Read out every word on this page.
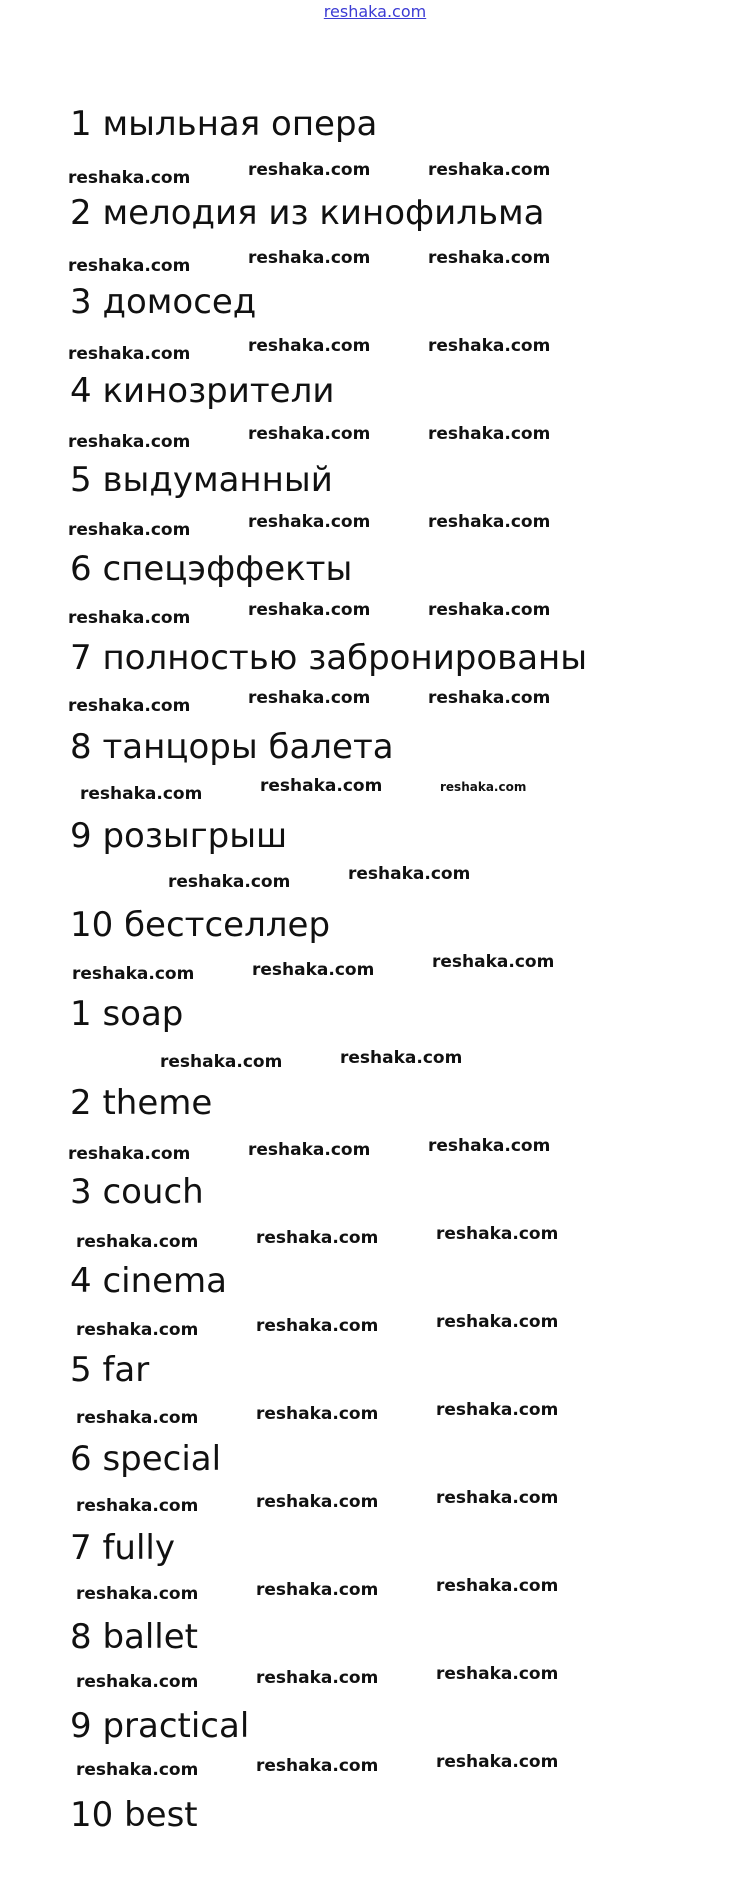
reshaka.com
1 мыльная опера
2 мелодия из кинофильма
3 домосед
4 кинозрители
5 выдуманный
6 спецэффекты
7 полностью забронированы
8 танцоры балета
9 розыгрыш
10 бестселлер
1 soap
2 theme
3 couch
4 cinema
5 far
6 special
7 fully
8 ballet
9 practical
10 best
reshaka.com	reshaka.com	reshaka.com
reshaka.com	reshaka.com	reshaka.com
reshaka.com	reshaka.com	reshaka.com
reshaka.com	reshaka.com	reshaka.com
reshaka.com	reshaka.com	reshaka.com
reshaka.com	reshaka.com	reshaka.com
reshaka.com	reshaka.com	reshaka.com
reshaka.com	reshaka.com	reshaka.com
reshaka.com	reshaka.com
reshaka.com	reshaka.com	reshaka.com
reshaka.com	reshaka.com
reshaka.com	reshaka.com	reshaka.com
reshaka.com	reshaka.com	reshaka.com
reshaka.com	reshaka.com	reshaka.com
reshaka.com	reshaka.com	reshaka.com
reshaka.com	reshaka.com	reshaka.com
reshaka.com	reshaka.com	reshaka.com
reshaka.com	reshaka.com	reshaka.com
reshaka.com	reshaka.com	reshaka.com
